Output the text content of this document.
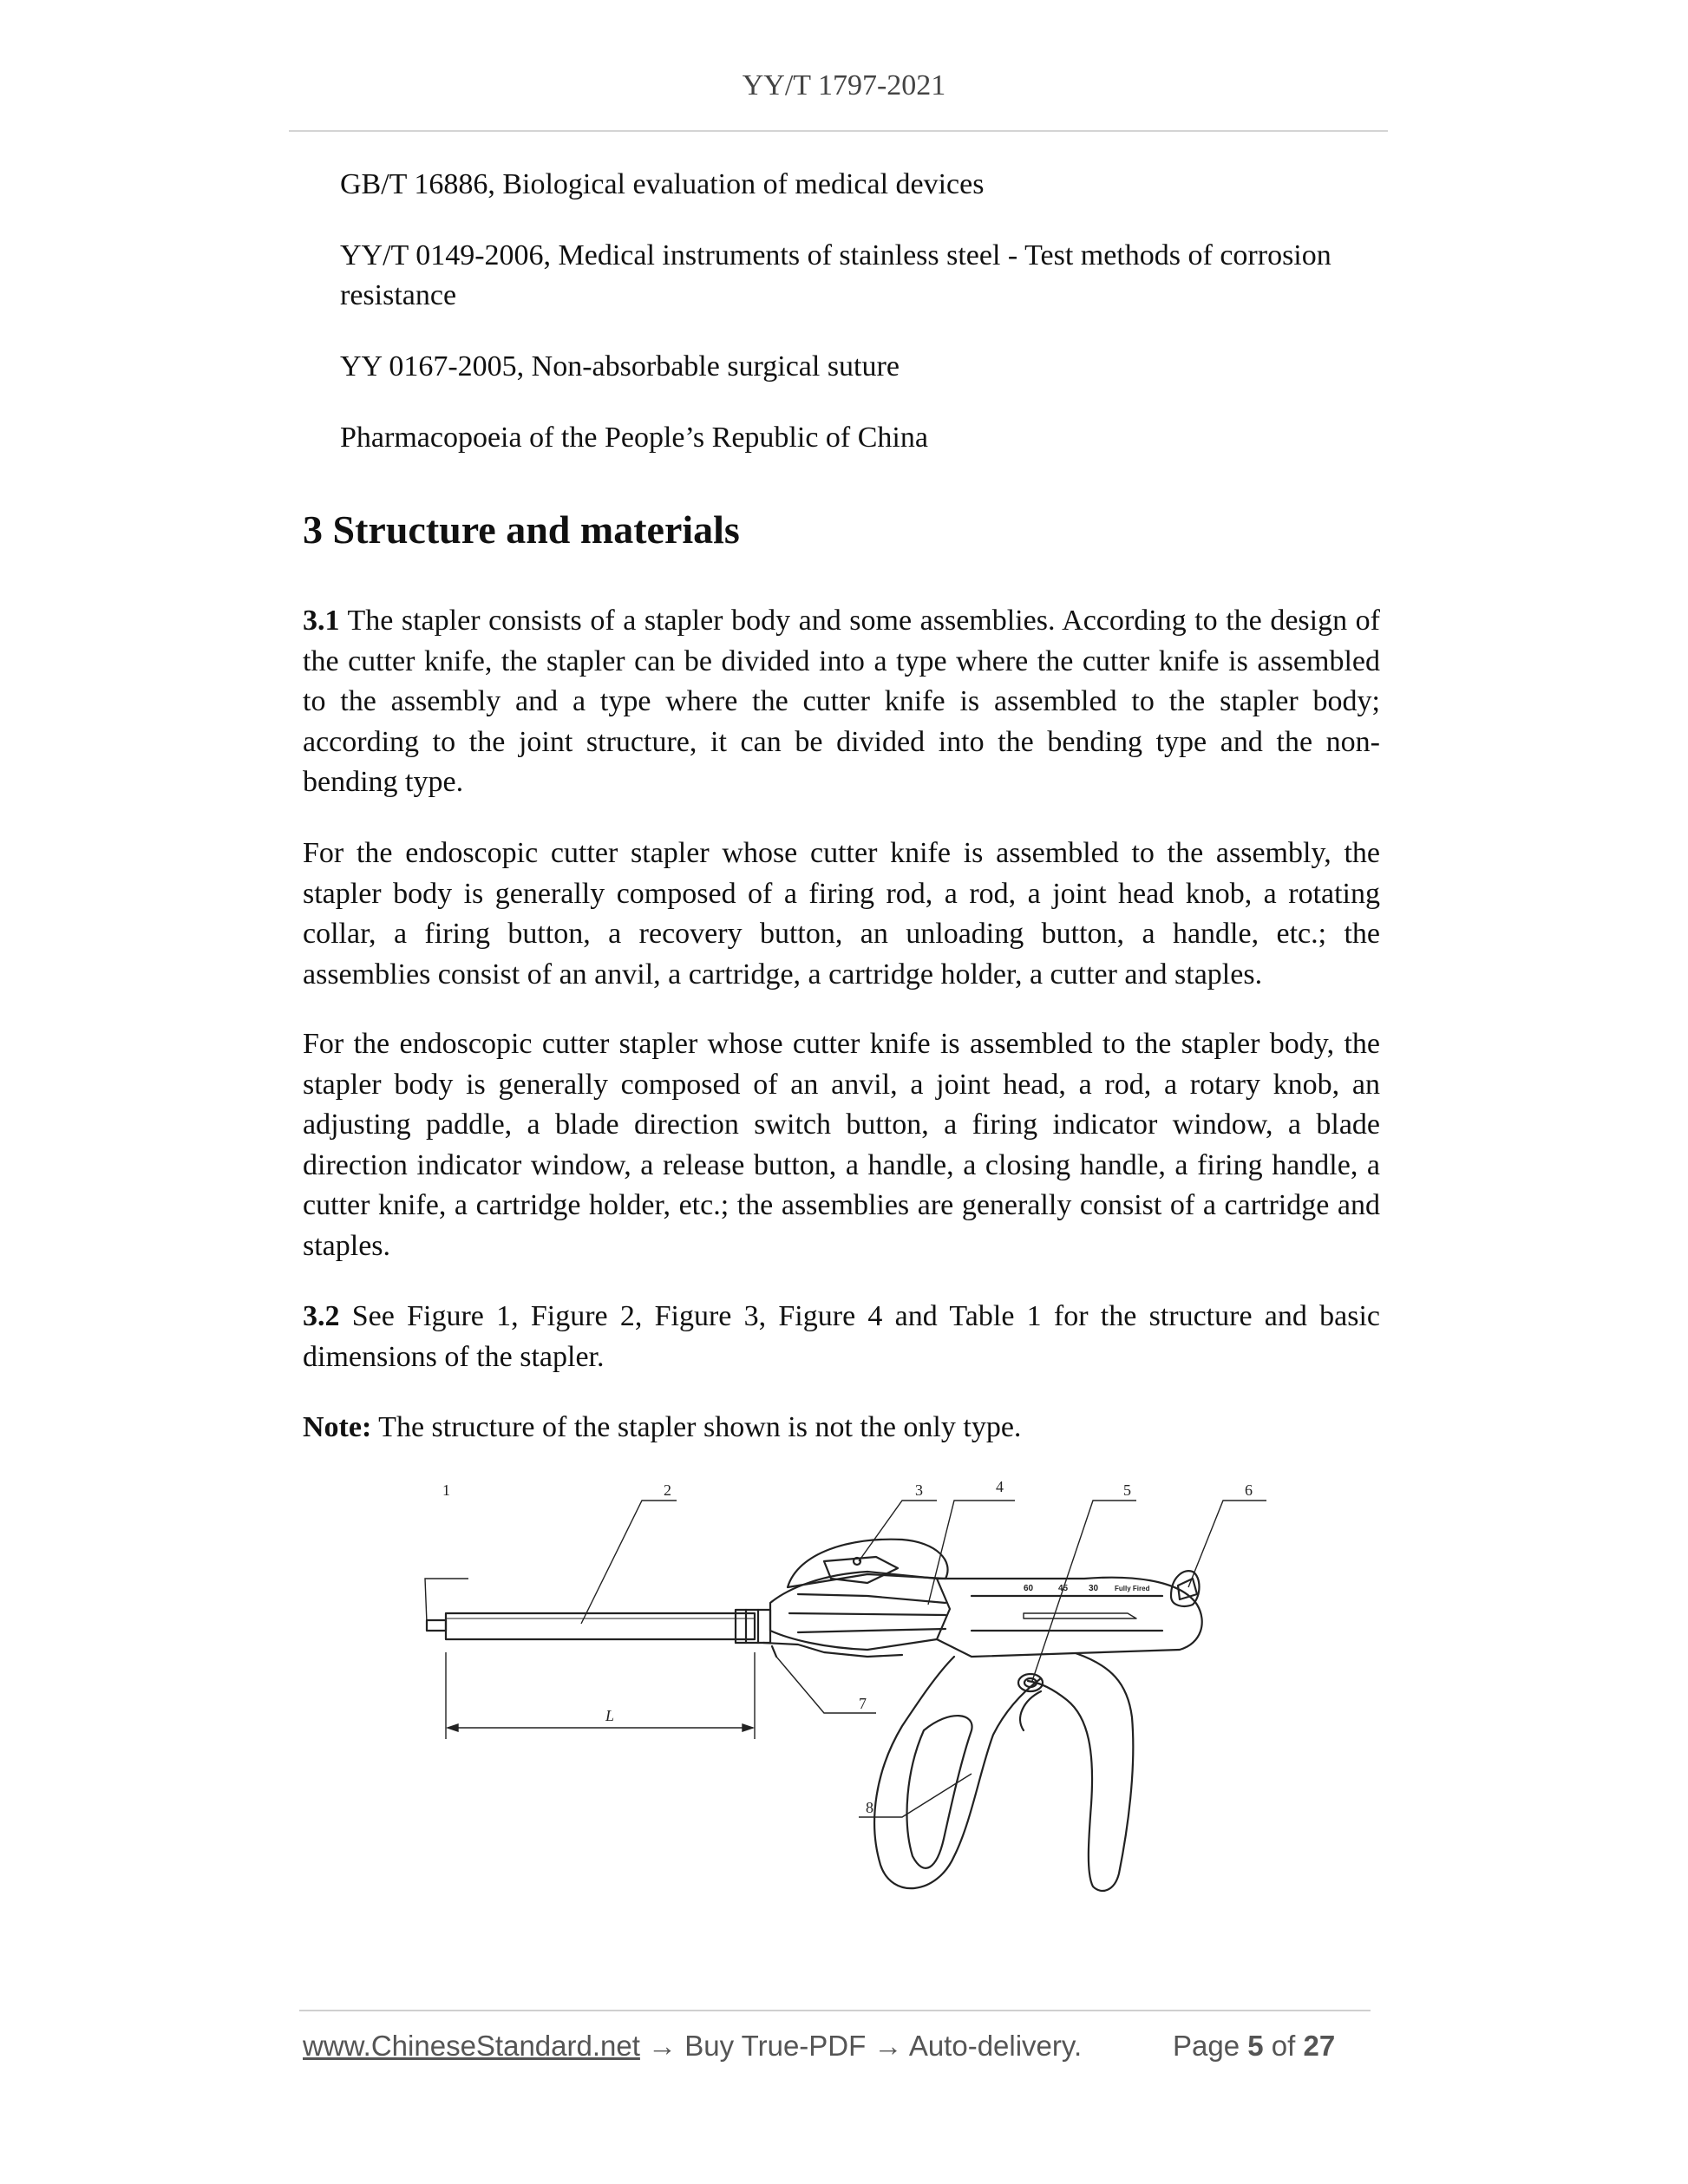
YY/T 1797-2021
GB/T 16886, Biological evaluation of medical devices
YY/T 0149-2006, Medical instruments of stainless steel - Test methods of corrosion resistance
YY 0167-2005, Non-absorbable surgical suture
Pharmacopoeia of the People’s Republic of China
3 Structure and materials
3.1 The stapler consists of a stapler body and some assemblies. According to the design of the cutter knife, the stapler can be divided into a type where the cutter knife is assembled to the assembly and a type where the cutter knife is assembled to the stapler body; according to the joint structure, it can be divided into the bending type and the non-bending type.
For the endoscopic cutter stapler whose cutter knife is assembled to the assembly, the stapler body is generally composed of a firing rod, a rod, a joint head knob, a rotating collar, a firing button, a recovery button, an unloading button, a handle, etc.; the assemblies consist of an anvil, a cartridge, a cartridge holder, a cutter and staples.
For the endoscopic cutter stapler whose cutter knife is assembled to the stapler body, the stapler body is generally composed of an anvil, a joint head, a rod, a rotary knob, an adjusting paddle, a blade direction switch button, a firing indicator window, a blade direction indicator window, a release button, a handle, a closing handle, a firing handle, a cutter knife, a cartridge holder, etc.; the assemblies are generally consist of a cartridge and staples.
3.2 See Figure 1, Figure 2, Figure 3, Figure 4 and Table 1 for the structure and basic dimensions of the stapler.
Note: The structure of the stapler shown is not the only type.
60	45 30 Fully Fired
1	2	3	4	5	6
7
8
L
www.ChineseStandard.net → Buy True-PDF → Auto-delivery.	Page 5 of 27
